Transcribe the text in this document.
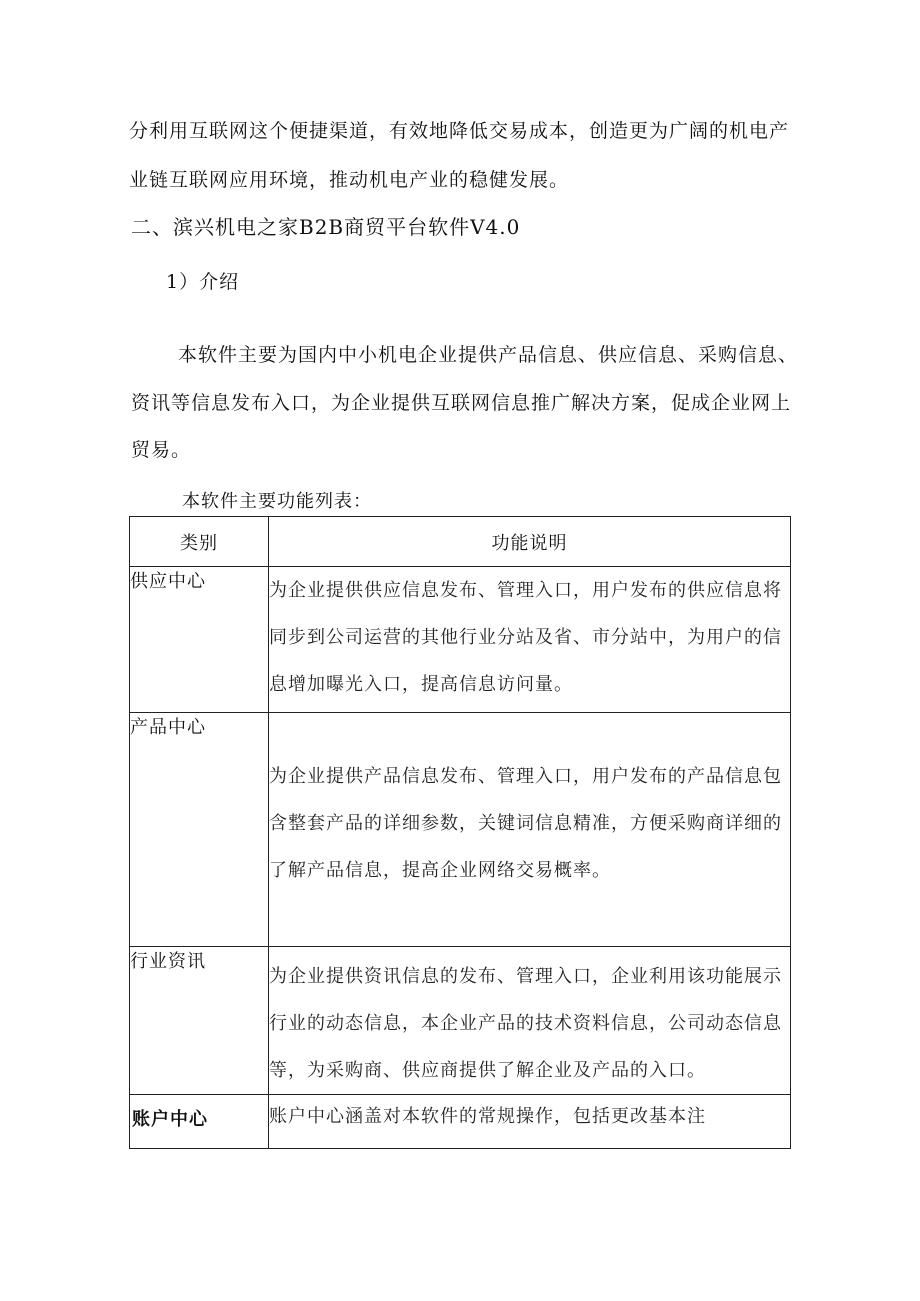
分利用互联网这个便捷渠道，有效地降低交易成本，创造更为广阔的机电产
业链互联网应用环境，推动机电产业的稳健发展。
二、滨兴机电之家B2B商贸平台软件V4.0
1）介绍
本软件主要为国内中小机电企业提供产品信息、供应信息、采购信息、
资讯等信息发布入口，为企业提供互联网信息推广解决方案，促成企业网上
贸易。
本软件主要功能列表：
类别	功能说明
供应中心	为企业提供供应信息发布、管理入口，用户发布的供应信息将同步到公司运营的其他行业分站及省、市分站中，为用户的信息增加曝光入口，提高信息访问量。
产品中心	为企业提供产品信息发布、管理入口，用户发布的产品信息包含整套产品的详细参数，关键词信息精准，方便采购商详细的了解产品信息，提高企业网络交易概率。
行业资讯	为企业提供资讯信息的发布、管理入口，企业利用该功能展示行业的动态信息，本企业产品的技术资料信息，公司动态信息等，为采购商、供应商提供了解企业及产品的入口。
账户中心	账户中心涵盖对本软件的常规操作，包括更改基本注
